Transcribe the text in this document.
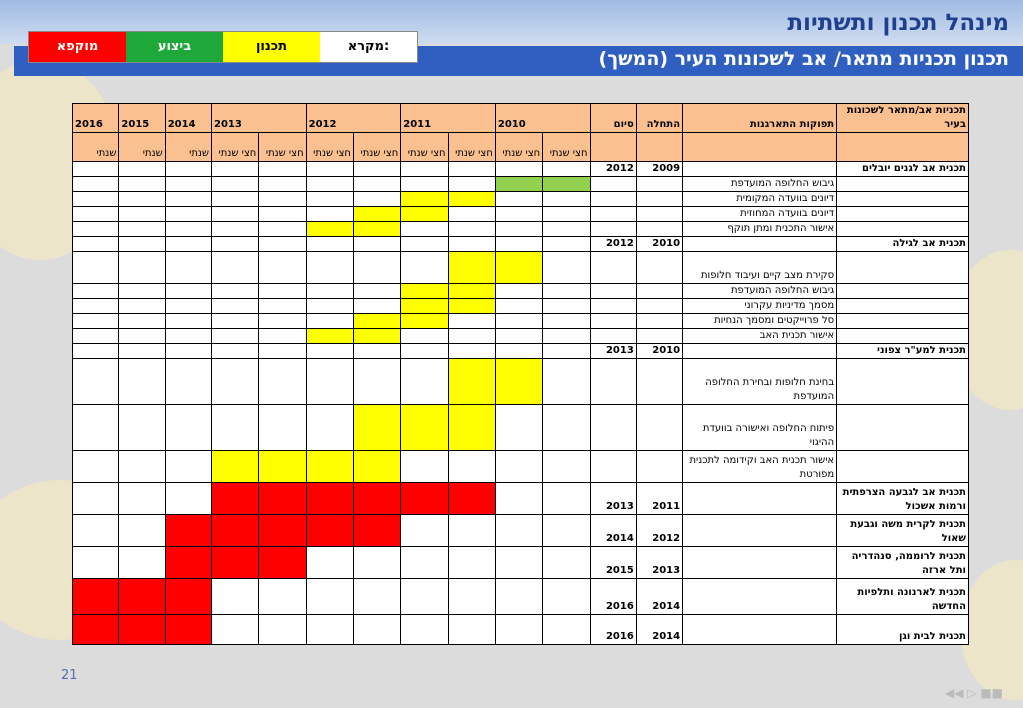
מינהל תכנון ותשתיות
תכנון תכניות מתאר/ אב לשכונות העיר (המשך)
מוקפא	ביצוע	תכנון	מקרא:
תכניות אב/מתאר לשכונות בעיר	תפוקות התארגנות	התחלה	סיום	2010		2011		2012		2013		2014	2015	2016
				חצי שנתי	חצי שנתי	חצי שנתי	חצי שנתי	חצי שנתי	חצי שנתי	חצי שנתי	חצי שנתי	שנתי	שנתי	שנתי
תכנית אב לגנים יובלים		2009	2012											
	גיבוש החלופה המועדפת													
	דיונים בוועדה המקומית													
	דיונים בוועדה המחוזית													
	אישור התכנית ומתן תוקף													
תכנית אב לגילה		2010	2012											
	סקירת מצב קיים ועיבוד חלופות													
	גיבוש החלופה המועדפת													
	מסמך מדיניות עקרוני													
	סל פרוייקטים ומסמך הנחיות													
	אישור תכנית האב													
תכנית למע"ר צפוני		2010	2013											
	בחינת חלופות ובחירת החלופה המועדפת													
	פיתוח החלופה ואישורה בוועדת ההיגוי													
	אישור תכנית האב וקידומה לתכנית מפורטת													
תכנית אב לגבעה הצרפתית ורמות אשכול		2011	2013											
תכנית לקרית משה וגבעת שאול		2012	2014											
תכנית לרוממה, סנהדריה ותל ארזה		2013	2015											
תכנית לארנונה ותלפיות החדשה		2014	2016											
תכנית לבית וגן		2014	2016											
21
◀◀ ▷ ■■
